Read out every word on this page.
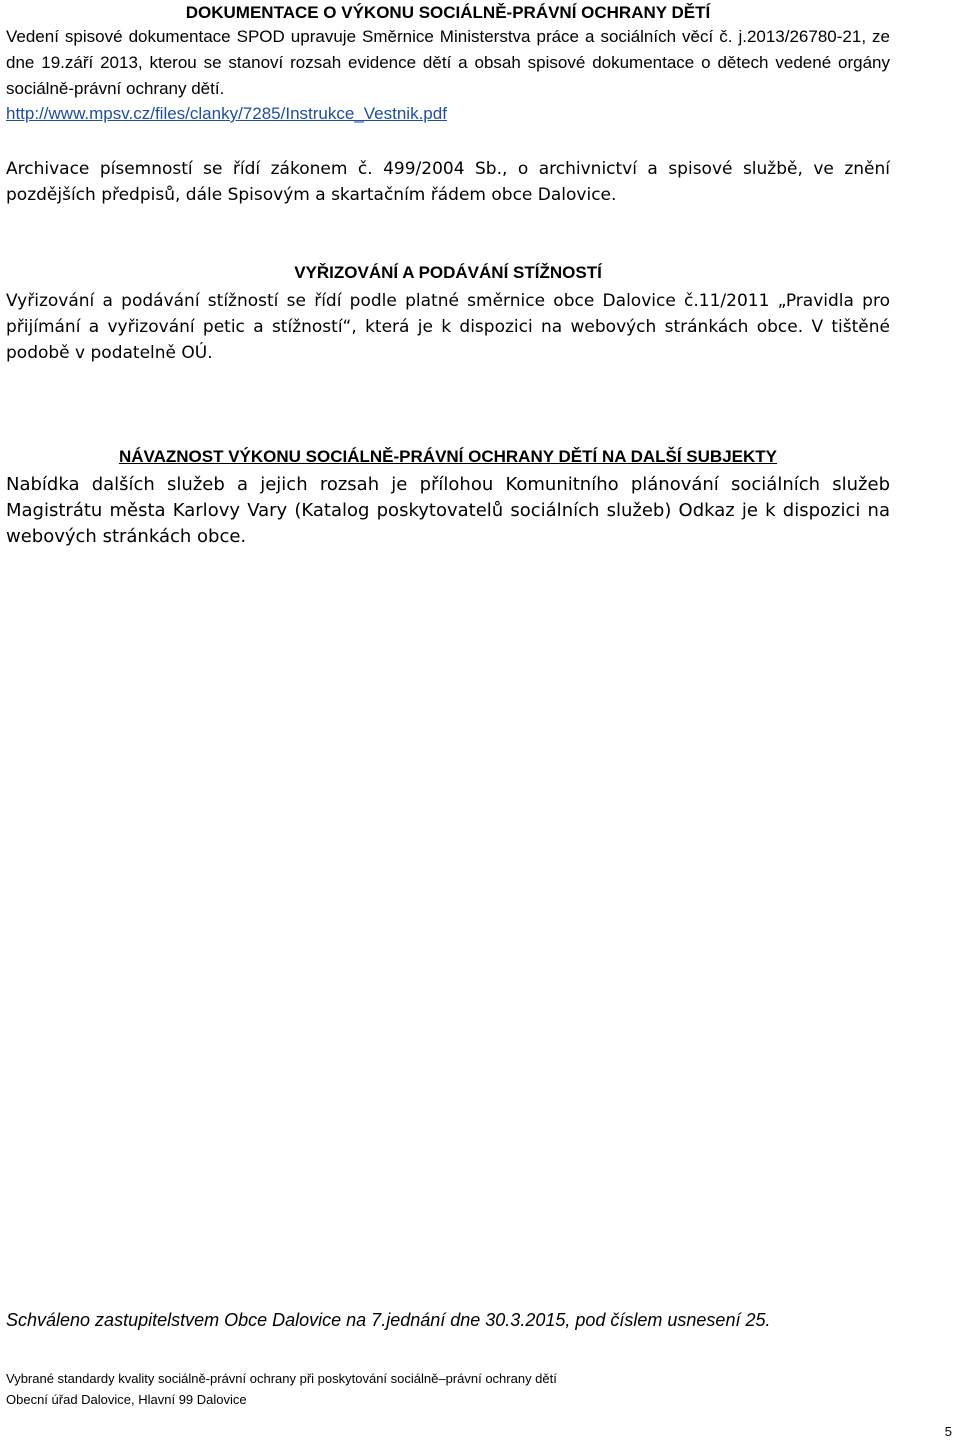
DOKUMENTACE O VÝKONU SOCIÁLNĚ-PRÁVNÍ OCHRANY DĚTÍ

Vedení spisové dokumentace SPOD upravuje Směrnice Ministerstva práce a sociálních věcí č. j.2013/26780-21, ze dne 19.září 2013, kterou se stanoví rozsah evidence dětí a obsah spisové dokumentace o dětech vedené orgány sociálně-právní ochrany dětí.

http://www.mpsv.cz/files/clanky/7285/Instrukce_Vestnik.pdf

Archivace písemností se řídí zákonem č. 499/2004 Sb., o archivnictví a spisové službě, ve znění pozdějších předpisů, dále Spisovým a skartačním řádem obce Dalovice.

VYŘIZOVÁNÍ A PODÁVÁNÍ STÍŽNOSTÍ

Vyřizování a podávání stížností se řídí podle platné směrnice obce Dalovice č.11/2011 „Pravidla pro přijímání a vyřizování petic a stížností“, která je k dispozici na webových stránkách obce. V tištěné podobě v podatelně OÚ.

NÁVAZNOST VÝKONU SOCIÁLNĚ-PRÁVNÍ OCHRANY DĚTÍ NA DALŠÍ SUBJEKTY

Nabídka dalších služeb a jejich rozsah je přílohou Komunitního plánování sociálních služeb Magistrátu města Karlovy Vary (Katalog poskytovatelů sociálních služeb) Odkaz je k dispozici na webových stránkách obce.

Schváleno zastupitelstvem Obce Dalovice na 7.jednání dne 30.3.2015, pod číslem usnesení 25.

Vybrané standardy kvality sociálně-právní ochrany při poskytování sociálně–právní ochrany dětí
Obecní úřad Dalovice, Hlavní 99 Dalovice
5
